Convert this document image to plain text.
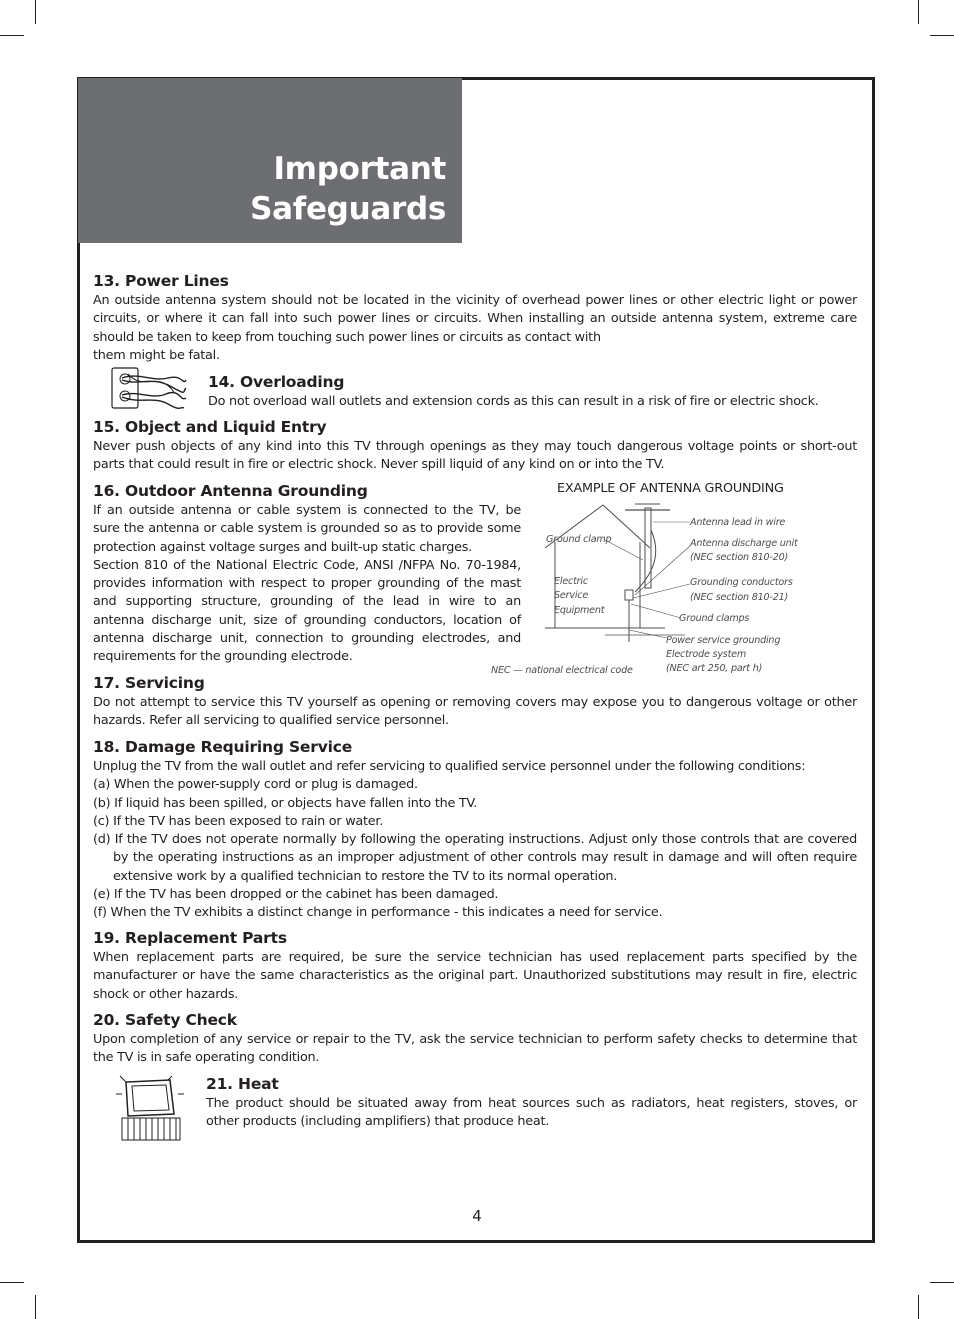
Important
Safeguards

13. Power Lines

An outside antenna system should not be located in the vicinity of overhead power lines or other electric light or power circuits, or where it can fall into such power lines or circuits. When installing an outside antenna system, extreme care should be taken to keep from touching such power lines or circuits as contact with

them might be fatal.

14. Overloading

Do not overload wall outlets and extension cords as this can result in a risk of fire or electric shock.

15. Object and Liquid Entry

Never push objects of any kind into this TV through openings as they may touch dangerous voltage points or short-out parts that could result in fire or electric shock. Never spill liquid of any kind on or into the TV.

16. Outdoor Antenna Grounding

If an outside antenna or cable system is connected to the TV, be sure the antenna or cable system is grounded so as to provide some protection against voltage surges and built-up static charges.

Section 810 of the National Electric Code, ANSI /NFPA No. 70-1984, provides information with respect to proper grounding of the mast and supporting structure, grounding of the lead in wire to an antenna discharge unit, size of grounding conductors, location of antenna discharge unit, connection to grounding electrodes, and requirements for the grounding electrode.

EXAMPLE OF ANTENNA GROUNDING
Ground clamp
Electric
Service
Equipment
Antenna lead in wire
Antenna discharge unit
(NEC section 810-20)
Grounding conductors
(NEC section 810-21)
Ground clamps
Power service grounding
Electrode system
(NEC art 250, part h)
NEC — national electrical code

17. Servicing

Do not attempt to service this TV yourself as opening or removing covers may expose you to dangerous voltage or other hazards. Refer all servicing to qualified service personnel.

18. Damage Requiring Service

Unplug the TV from the wall outlet and refer servicing to qualified service personnel under the following conditions:

(a) When the power-supply cord or plug is damaged.

(b) If liquid has been spilled, or objects have fallen into the TV.

(c) If the TV has been exposed to rain or water.

(d) If the TV does not operate normally by following the operating instructions. Adjust only those controls that are covered by the operating instructions as an improper adjustment of other controls may result in damage and will often require extensive work by a qualified technician to restore the TV to its normal operation.

(e) If the TV has been dropped or the cabinet has been damaged.

(f) When the TV exhibits a distinct change in performance - this indicates a need for service.

19. Replacement Parts

When replacement parts are required, be sure the service technician has used replacement parts specified by the manufacturer or have the same characteristics as the original part. Unauthorized substitutions may result in fire, electric shock or other hazards.

20. Safety Check

Upon completion of any service or repair to the TV, ask the service technician to perform safety checks to determine that the TV is in safe operating condition.

21. Heat

The product should be situated away from heat sources such as radiators, heat registers, stoves, or other products (including amplifiers) that produce heat.

4
